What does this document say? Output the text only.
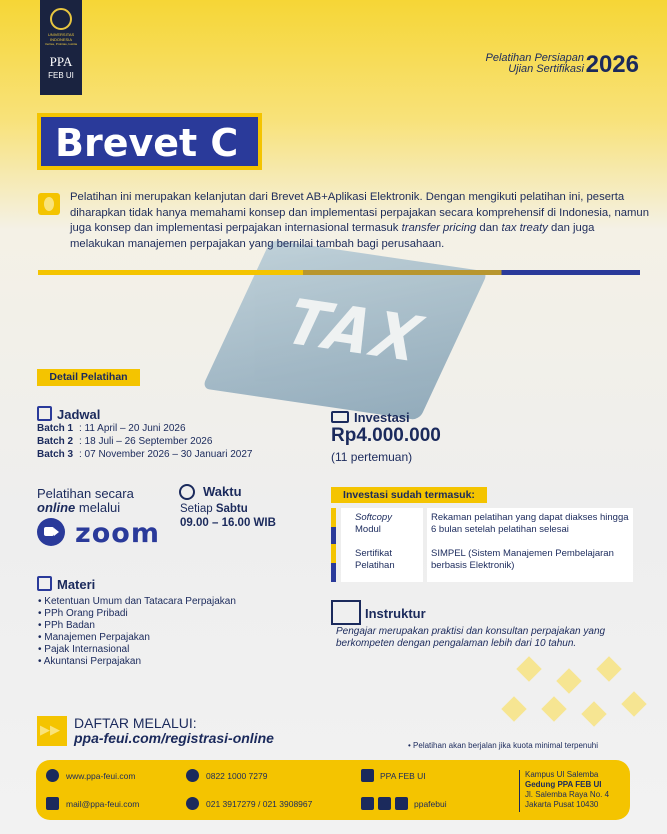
TAX
UNIVERSITAS INDONESIA
Veritas, Probitas, Iustitia
PPA
FEB UI
Pelatihan Persiapan
Ujian Sertifikasi 2026
Brevet C

Pelatihan ini merupakan kelanjutan dari Brevet AB+Aplikasi Elektronik. Dengan mengikuti pelatihan ini, peserta diharapkan tidak hanya memahami konsep dan implementasi perpajakan secara komprehensif di Indonesia, namun juga konsep dan implementasi perpajakan internasional termasuk transfer pricing dan tax treaty dan juga melakukan manajemen perpajakan yang bernilai tambah bagi perusahaan.

Detail Pelatihan
Jadwal
Batch 1 : 11 April – 20 Juni 2026
Batch 2 : 18 Juli – 26 September 2026
Batch 3 : 07 November 2026 – 30 Januari 2027
Pelatihan secara
online melalui
zoom
Waktu
Setiap Sabtu
09.00 – 16.00 WIB
Materi
• Ketentuan Umum dan Tatacara Perpajakan
• PPh Orang Pribadi
• PPh Badan
• Manajemen Perpajakan
• Pajak Internasional
• Akuntansi Perpajakan
Investasi
Rp4.000.000
(11 pertemuan)
Investasi sudah termasuk:
Softcopy
Modul
Rekaman pelatihan yang dapat diakses hingga 6 bulan setelah pelatihan selesai
Sertifikat Pelatihan
SIMPEL (Sistem Manajemen Pembelajaran berbasis Elektronik)
Instruktur

Pengajar merupakan praktisi dan konsultan perpajakan yang berkompeten dengan pengalaman lebih dari 10 tahun.

▶▶
DAFTAR MELALUI:
ppa-feui.com/registrasi-online
•	Pelatihan akan berjalan jika kuota minimal terpenuhi
www.ppa-feui.com
mail@ppa-feui.com
0822 1000 7279
021 3917279 / 021 3908967
PPA FEB UI
ppafebui
Kampus UI Salemba
Gedung PPA FEB UI
Jl. Salemba Raya No. 4
Jakarta Pusat 10430
